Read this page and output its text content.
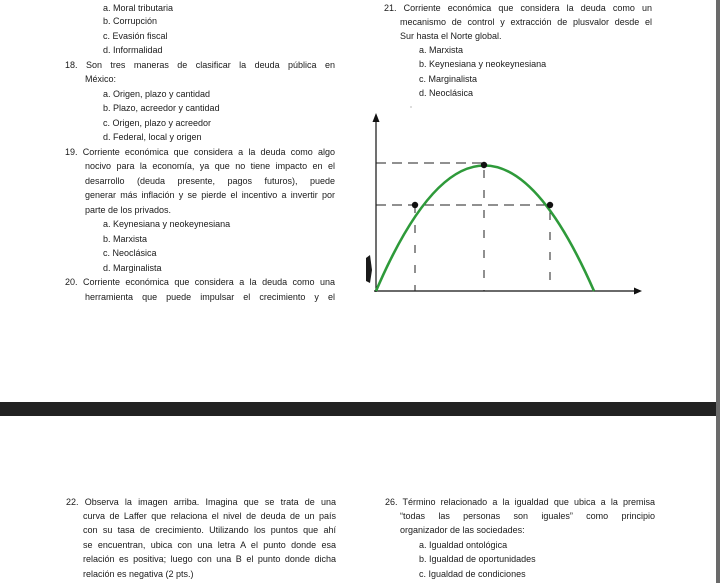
a. Moral tributaria
b. Corrupción
c. Evasión fiscal
d. Informalidad
18. Son tres maneras de clasificar la deuda pública en
México:
a. Origen, plazo y cantidad
b. Plazo, acreedor y cantidad
c. Origen, plazo y acreedor
d. Federal, local y origen
19. Corriente económica que considera a la deuda como algo
nocivo para la economía, ya que no tiene impacto en el
desarrollo (deuda presente, pagos futuros), puede
generar más inflación y se pierde el incentivo a invertir por
parte de los privados.
a. Keynesiana y neokeynesiana
b. Marxista
c. Neoclásica
d. Marginalista
20. Corriente económica que considera a la deuda como una
herramienta que puede impulsar el crecimiento y el
21. Corriente económica que considera la deuda como un
mecanismo de control y extracción de plusvalor desde el
Sur hasta el Norte global.
a. Marxista
b. Keynesiana y neokeynesiana
c. Marginalista
d. Neoclásica
22. Observa la imagen arriba. Imagina que se trata de una
curva de Laffer que relaciona el nivel de deuda de un país
con su tasa de crecimiento. Utilizando los puntos que ahí
se encuentran, ubica con una letra A el punto donde esa
relación es positiva; luego con una B el punto donde dicha
relación es negativa (2 pts.)
26. Término relacionado a la igualdad que ubica a la premisa
“todas las personas son iguales” como principio
organizador de las sociedades:
a. Igualdad ontológica
b. Igualdad de oportunidades
c. Igualdad de condiciones
